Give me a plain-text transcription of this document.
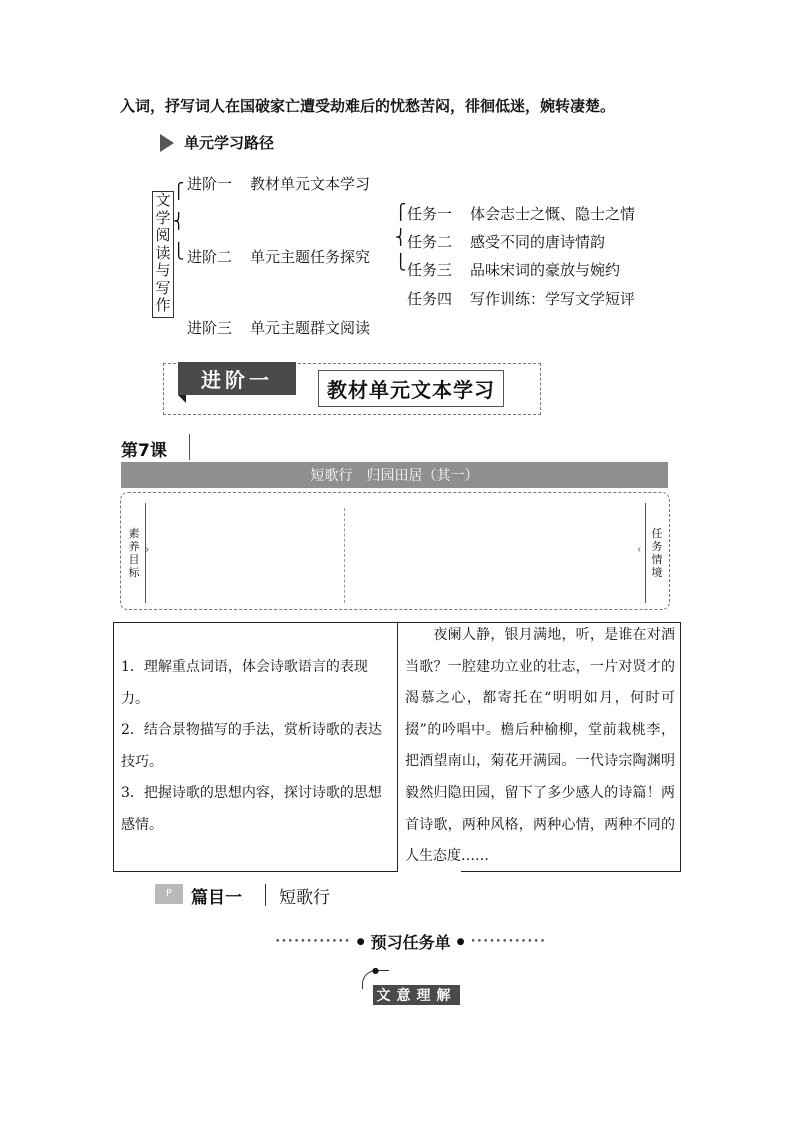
入词，抒写词人在国破家亡遭受劫难后的忧愁苦闷，徘徊低迷，婉转凄楚。
单元学习路径
文学阅读与写作
⎧
⎨
⎩
进阶一 教材单元文本学习
进阶二 单元主题任务探究
进阶三 单元主题群文阅读
⎧
⎨
⎩
任务一 体会志士之慨、隐士之情
任务二 感受不同的唐诗情韵
任务三 品味宋词的豪放与婉约
任务四 写作训练：学写文学短评
进阶一	教材单元文本学习
第7课
短歌行　归园田居（其一）
素养目标
›	‹
任务情境
1．理解重点词语，体会诗歌语言的表现力。
2．结合景物描写的手法，赏析诗歌的表达技巧。
3．把握诗歌的思想内容，探讨诗歌的思想感情。
　　夜阑人静，银月满地，听，是谁在对酒当歌？一腔建功立业的壮志，一片对贤才的渴慕之心，都寄托在“明明如月，何时可掇”的吟唱中。檐后种榆柳，堂前栽桃李，把酒望南山，菊花开满园。一代诗宗陶渊明毅然归隐田园，留下了多少感人的诗篇！两首诗歌，两种风格，两种心情，两种不同的人生态度……
P	篇目一 短歌行
•••••••••••• ● 预习任务单 ● ••••••••••••
●
文意理解
